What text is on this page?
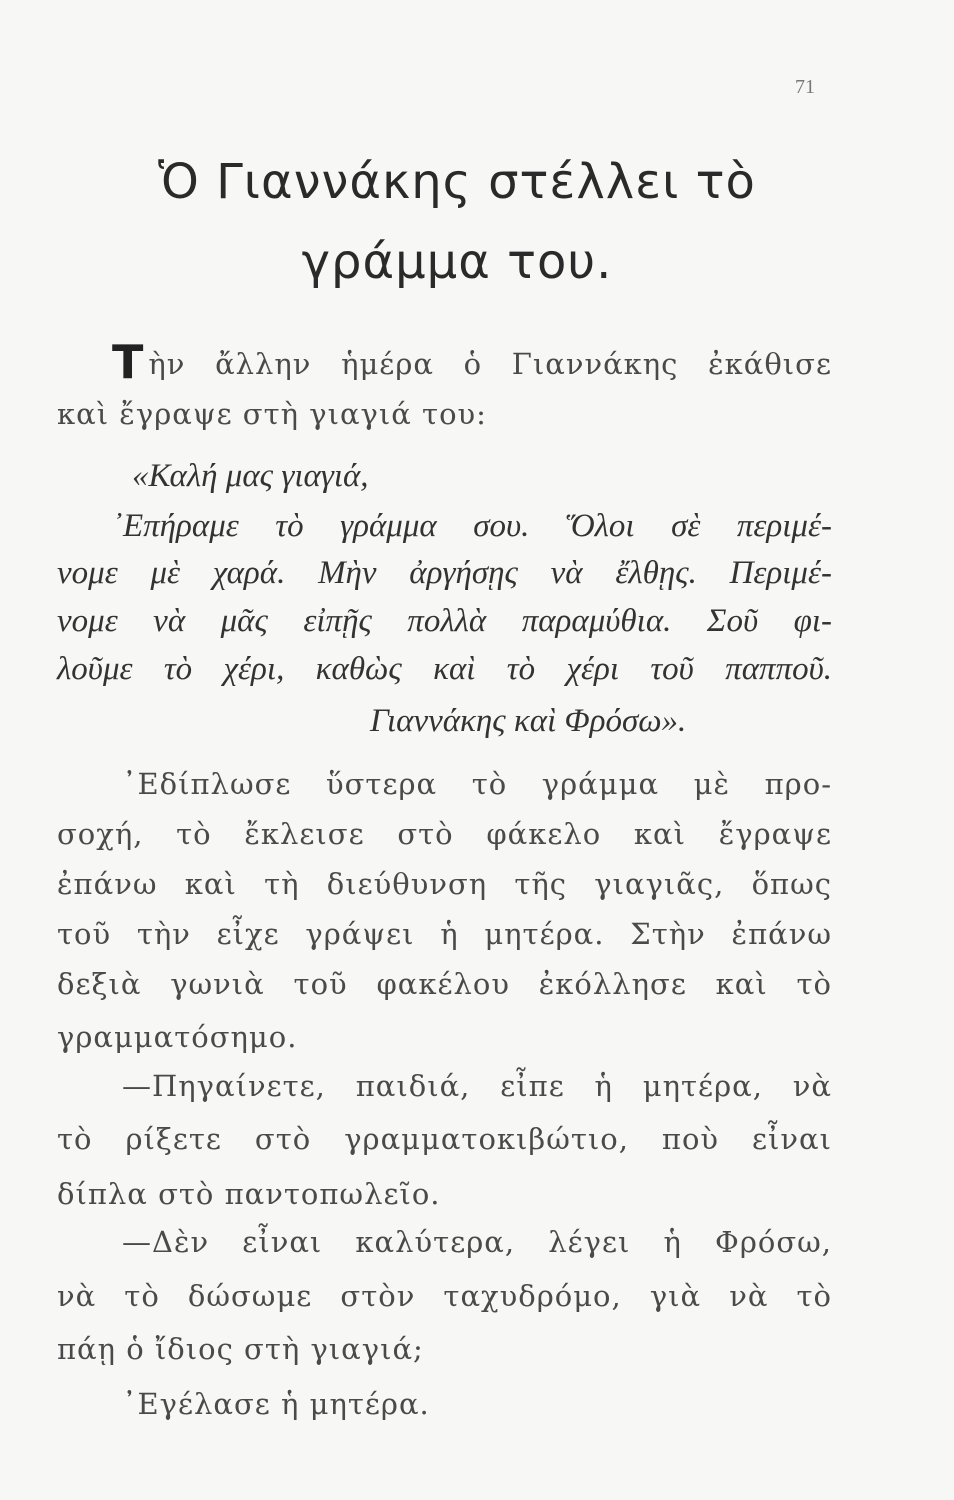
71
Ὁ Γιαννάκης στέλλει τὸ
γράμμα του.
Τὴν ἄλλην ἡμέρα ὁ Γιαννάκης ἐκάθισε
καὶ ἔγραψε στὴ γιαγιά του:
«Καλή μας γιαγιά,
᾿Επήραμε τὸ γράμμα σου. Ὅλοι σὲ περιμέ-
νομε μὲ χαρά. Μὴν ἀργήσῃς νὰ ἔλθῃς. Περιμέ-
νομε νὰ μᾶς εἰπῇς πολλὰ παραμύθια. Σοῦ φι-
λοῦμε τὸ χέρι, καθὼς καὶ τὸ χέρι τοῦ παπποῦ.
Γιαννάκης καὶ Φρόσω».
᾿Εδίπλωσε ὕστερα τὸ γράμμα μὲ προ-
σοχή, τὸ ἔκλεισε στὸ φάκελο καὶ ἔγραψε
ἐπάνω καὶ τὴ διεύθυνση τῆς γιαγιᾶς, ὅπως
τοῦ τὴν εἶχε γράψει ἡ μητέρα. Στὴν ἐπάνω
δεξιὰ γωνιὰ τοῦ φακέλου ἐκόλλησε καὶ τὸ
γραμματόσημο.
—Πηγαίνετε, παιδιά, εἶπε ἡ μητέρα, νὰ
τὸ ρίξετε στὸ γραμματοκιβώτιο, ποὺ εἶναι
δίπλα στὸ παντοπωλεῖο.
—Δὲν εἶναι καλύτερα, λέγει ἡ Φρόσω,
νὰ τὸ δώσωμε στὸν ταχυδρόμο, γιὰ νὰ τὸ
πάῃ ὁ ἴδιος στὴ γιαγιά;
᾿Εγέλασε ἡ μητέρα.
